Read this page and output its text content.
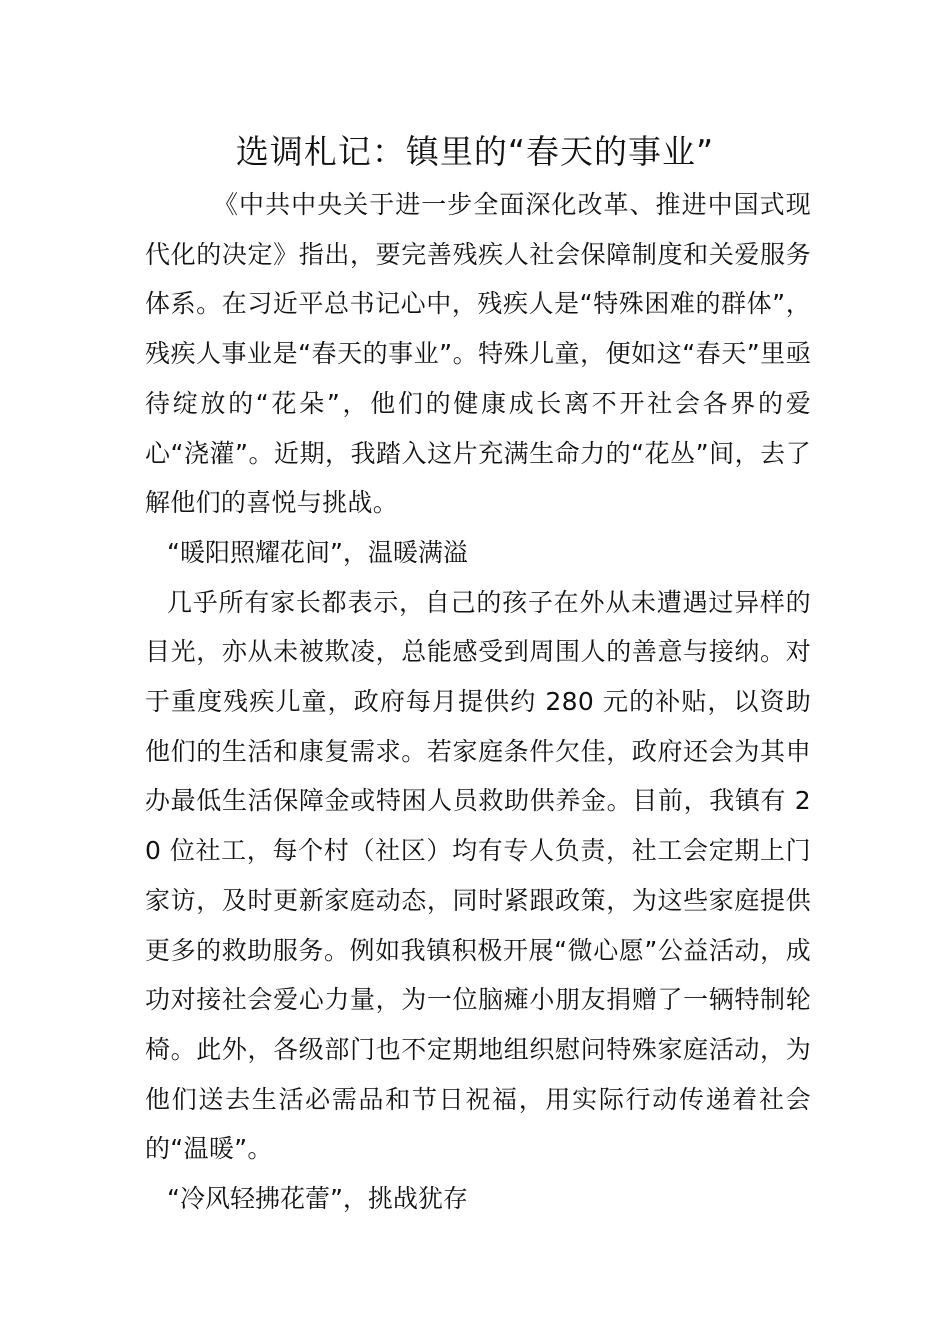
选调札记：镇里的“春天的事业”

《中共中央关于进一步全面深化改革、推进中国式现代化的决定》指出，要完善残疾人社会保障制度和关爱服务体系。在习近平总书记心中，残疾人是“特殊困难的群体”，残疾人事业是“春天的事业”。特殊儿童，便如这“春天”里亟待绽放的“花朵”，他们的健康成长离不开社会各界的爱心“浇灌”。近期，我踏入这片充满生命力的“花丛”间，去了解他们的喜悦与挑战。

“暖阳照耀花间”，温暖满溢

几乎所有家长都表示，自己的孩子在外从未遭遇过异样的目光，亦从未被欺凌，总能感受到周围人的善意与接纳。对于重度残疾儿童，政府每月提供约 280 元的补贴，以资助他们的生活和康复需求。若家庭条件欠佳，政府还会为其申办最低生活保障金或特困人员救助供养金。目前，我镇有 20 位社工，每个村（社区）均有专人负责，社工会定期上门家访，及时更新家庭动态，同时紧跟政策，为这些家庭提供更多的救助服务。例如我镇积极开展“微心愿”公益活动，成功对接社会爱心力量，为一位脑瘫小朋友捐赠了一辆特制轮椅。此外，各级部门也不定期地组织慰问特殊家庭活动，为他们送去生活必需品和节日祝福，用实际行动传递着社会的“温暖”。

“冷风轻拂花蕾”，挑战犹存
